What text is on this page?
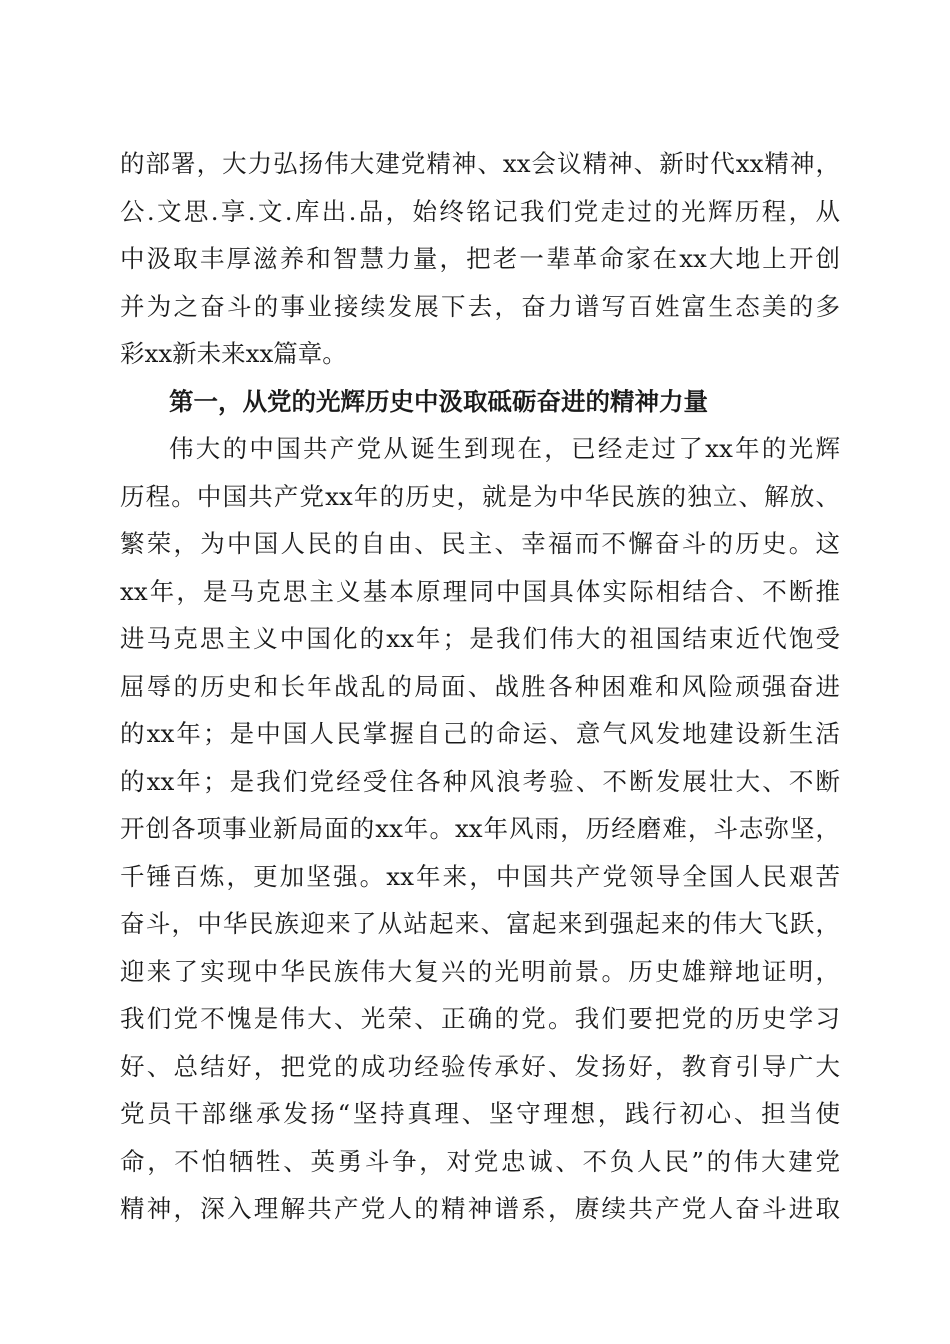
的部署，大力弘扬伟大建党精神、xx会议精神、新时代xx精神，
公.文思.享.文.库出.品，始终铭记我们党走过的光辉历程，从
中汲取丰厚滋养和智慧力量，把老一辈革命家在xx大地上开创
并为之奋斗的事业接续发展下去，奋力谱写百姓富生态美的多
彩xx新未来xx篇章。
第一，从党的光辉历史中汲取砥砺奋进的精神力量
伟大的中国共产党从诞生到现在，已经走过了xx年的光辉
历程。中国共产党xx年的历史，就是为中华民族的独立、解放、
繁荣，为中国人民的自由、民主、幸福而不懈奋斗的历史。这
xx年，是马克思主义基本原理同中国具体实际相结合、不断推
进马克思主义中国化的xx年；是我们伟大的祖国结束近代饱受
屈辱的历史和长年战乱的局面、战胜各种困难和风险顽强奋进
的xx年；是中国人民掌握自己的命运、意气风发地建设新生活
的xx年；是我们党经受住各种风浪考验、不断发展壮大、不断
开创各项事业新局面的xx年。xx年风雨，历经磨难，斗志弥坚，
千锤百炼，更加坚强。xx年来，中国共产党领导全国人民艰苦
奋斗，中华民族迎来了从站起来、富起来到强起来的伟大飞跃，
迎来了实现中华民族伟大复兴的光明前景。历史雄辩地证明，
我们党不愧是伟大、光荣、正确的党。我们要把党的历史学习
好、总结好，把党的成功经验传承好、发扬好，教育引导广大
党员干部继承发扬“坚持真理、坚守理想，践行初心、担当使
命，不怕牺牲、英勇斗争，对党忠诚、不负人民”的伟大建党
精神，深入理解共产党人的精神谱系，赓续共产党人奋斗进取
